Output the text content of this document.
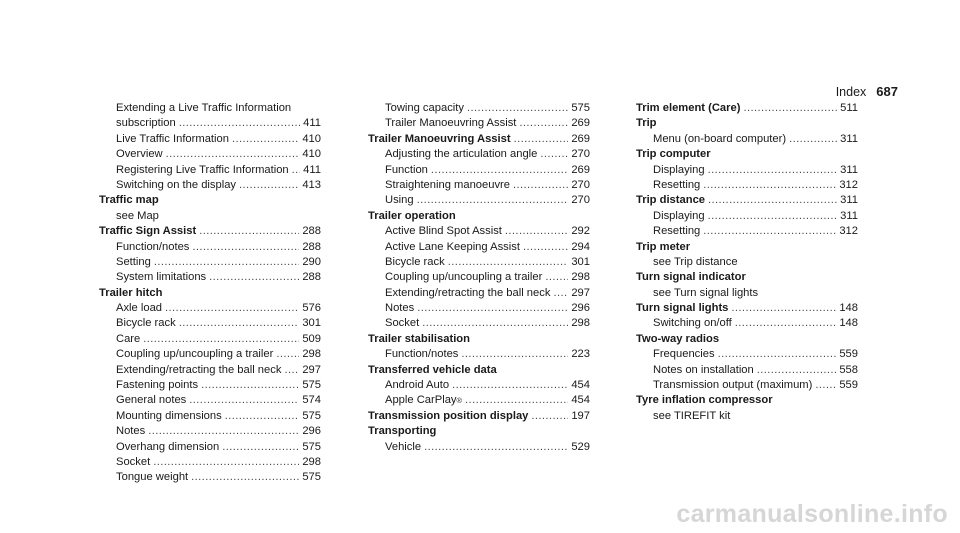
Index 687
Extending a Live Traffic Information
subscription .....	411
Live Traffic Information .....	410
Overview .....	410
Registering Live Traffic Information ..... 411
Switching on the display .....	413
Traffic map
see Map
Traffic Sign Assist .....	288
Function/notes .....	288
Setting .....	290
System limitations .....	288
Trailer hitch
Axle load .....	576
Bicycle rack .....	301
Care .....	509
Coupling up/uncoupling a trailer .....	298
Extending/retracting the ball neck ..... 297
Fastening points .....	575
General notes .....	574
Mounting dimensions .....	575
Notes .....	296
Overhang dimension .....	575
Socket .....	298
Tongue weight .....	575
Towing capacity .....	575
Trailer Manoeuvring Assist .....	269
Trailer Manoeuvring Assist .....	269
Adjusting the articulation angle .....	270
Function .....	269
Straightening manoeuvre .....	270
Using .....	270
Trailer operation
Active Blind Spot Assist .....	292
Active Lane Keeping Assist .....	294
Bicycle rack .....	301
Coupling up/uncoupling a trailer .....	298
Extending/retracting the ball neck ..... 297
Notes .....	296
Socket .....	298
Trailer stabilisation
Function/notes .....	223
Transferred vehicle data
Android Auto .....	454
Apple CarPlay ® .....	454
Transmission position display .....	197
Transporting
Vehicle .....	529
Trim element (Care) .....	511
Trip
Menu (on-board computer) .....	311
Trip computer
Displaying .....	311
Resetting .....	312
Trip distance .....	311
Displaying .....	311
Resetting .....	312
Trip meter
see Trip distance
Turn signal indicator
see Turn signal lights
Turn signal lights .....	148
Switching on/off .....	148
Two-way radios
Frequencies .....	559
Notes on installation .....	558
Transmission output (maximum) ..... 559
Tyre inflation compressor
see TIREFIT kit
carmanualsonline.info
